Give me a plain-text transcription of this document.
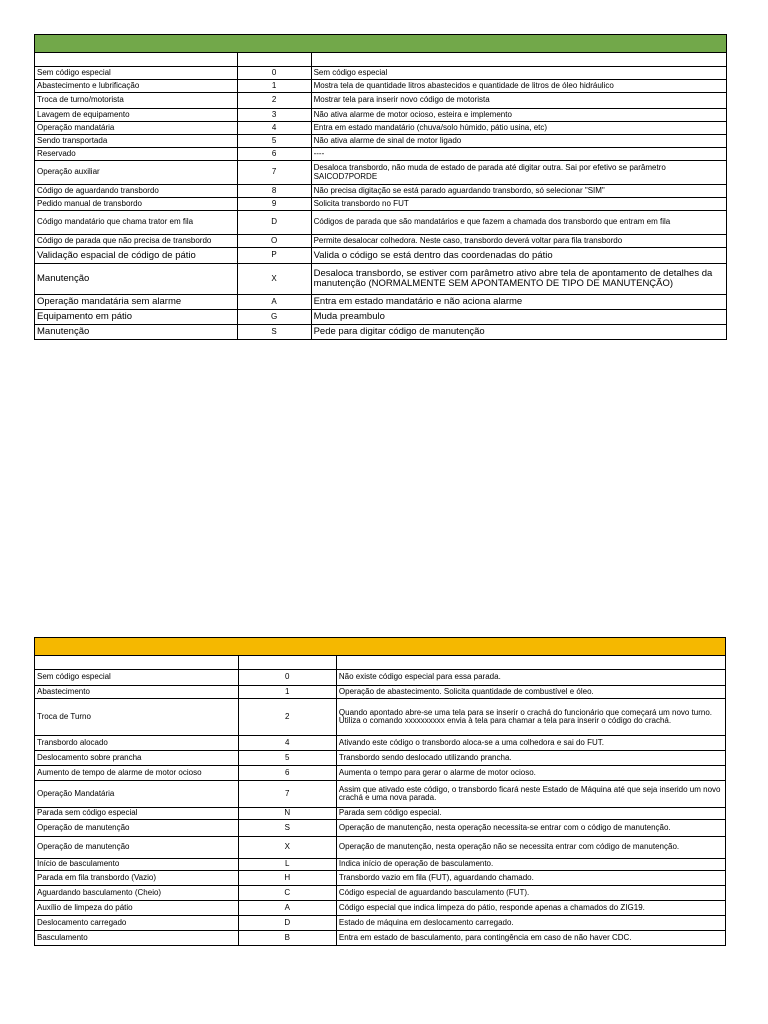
Sem código especial	0	Sem código especial
Abastecimento e lubrificação	1	Mostra tela de quantidade litros abastecidos e quantidade de litros de óleo hidráulico
Troca de turno/motorista	2	Mostrar tela para inserir novo código de motorista
Lavagem de equipamento	3	Não ativa alarme de motor ocioso, esteira e implemento
Operação mandatária	4	Entra em estado mandatário (chuva/solo húmido, pátio usina, etc)
Sendo transportada	5	Não ativa alarme de sinal de motor ligado
Reservado	6	----
Operação auxiliar	7	Desaloca transbordo, não muda de estado de parada até digitar outra. Sai por efetivo se parâmetro SAICOD7PORDE
Código de aguardando transbordo	8	Não precisa digitação se está parado aguardando transbordo, só selecionar "SIM"
Pedido manual de transbordo	9	Solicita transbordo no FUT
Código mandatário que chama trator em fila	D	Códigos de parada que são mandatários e que fazem a chamada dos transbordo que entram em fila
Código de parada que não precisa de transbordo	O	Permite desalocar colhedora. Neste caso, transbordo deverá voltar para fila transbordo
Validação espacial de código de pátio	P	Valida o código se está dentro das coordenadas do pátio
Manutenção	X	Desaloca transbordo, se estiver com parâmetro ativo abre tela de apontamento de detalhes da manutenção (NORMALMENTE SEM APONTAMENTO DE TIPO DE MANUTENÇÃO)
Operação mandatária sem alarme	A	Entra em estado mandatário e não aciona alarme
Equipamento em pátio	G	Muda preambulo
Manutenção	S	Pede para digitar código de manutenção

Sem código especial	0	Não existe código especial para essa parada.
Abastecimento	1	Operação de abastecimento. Solicita quantidade de combustível e óleo.
Troca de Turno	2	Quando apontado abre-se uma tela para se inserir o crachá do funcionário que começará um novo turno. Utiliza o comando xxxxxxxxxx envia à tela para chamar a tela para inserir o código do crachá.
Transbordo alocado	4	Ativando este código o transbordo aloca-se a uma colhedora e sai do FUT.
Deslocamento sobre prancha	5	Transbordo sendo deslocado utilizando prancha.
Aumento de tempo de alarme de motor ocioso	6	Aumenta o tempo para gerar o alarme de motor ocioso.
Operação Mandatária	7	Assim que ativado este código, o transbordo ficará neste Estado de Máquina até que seja inserido um novo crachá e uma nova parada.
Parada sem código especial	N	Parada sem código especial.
Operação de manutenção	S	Operação de manutenção, nesta operação necessita-se entrar com o código de manutenção.
Operação de manutenção	X	Operação de manutenção, nesta operação não se necessita entrar com código de manutenção.
Início de basculamento	L	Indica início de operação de basculamento.
Parada em fila transbordo (Vazio)	H	Transbordo vazio em fila (FUT), aguardando chamado.
Aguardando basculamento (Cheio)	C	Código especial de aguardando basculamento (FUT).
Auxílio de limpeza do pátio	A	Código especial que indica limpeza do pátio, responde apenas a chamados do ZIG19.
Deslocamento carregado	D	Estado de máquina em deslocamento carregado.
Basculamento	B	Entra em estado de basculamento, para contingência em caso de não haver CDC.
